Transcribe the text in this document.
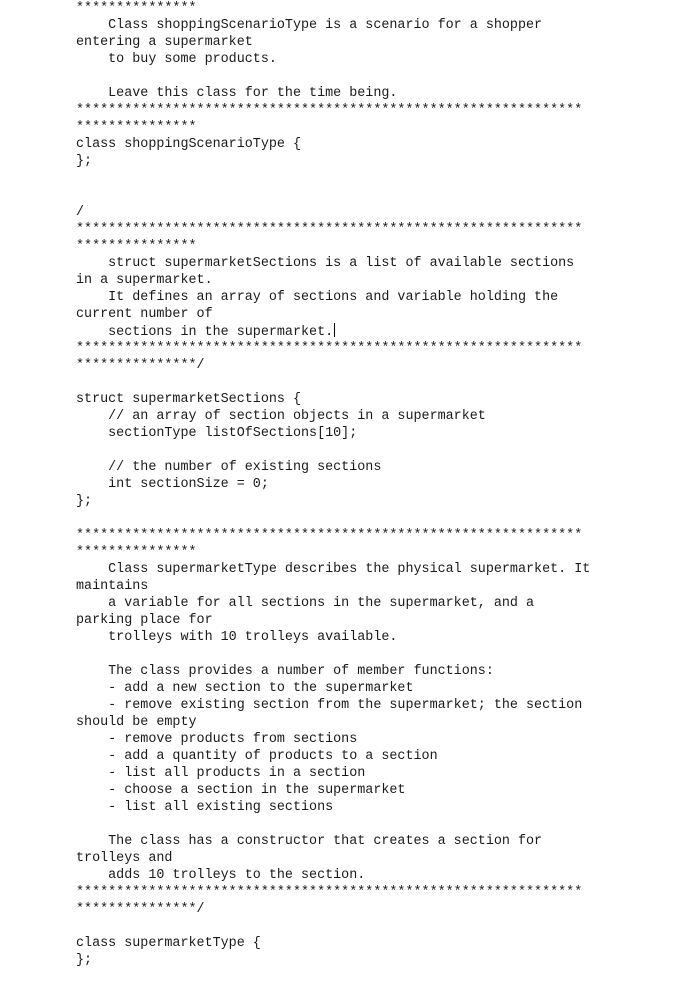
***************
Class shoppingScenarioType is a scenario for a shopper
entering a supermarket
to buy some products.
Leave this class for the time being.
***************************************************************
***************
class shoppingScenarioType {
};
/
***************************************************************
***************
struct supermarketSections is a list of available sections
in a supermarket.
It defines an array of sections and variable holding the
current number of
sections in the supermarket.
***************************************************************
***************/
struct supermarketSections {
// an array of section objects in a supermarket
sectionType listOfSections[10];
// the number of existing sections
int sectionSize = 0;
};
***************************************************************
***************
Class supermarketType describes the physical supermarket. It
maintains
a variable for all sections in the supermarket, and a
parking place for
trolleys with 10 trolleys available.
The class provides a number of member functions:
- add a new section to the supermarket
- remove existing section from the supermarket; the section
should be empty
- remove products from sections
- add a quantity of products to a section
- list all products in a section
- choose a section in the supermarket
- list all existing sections
The class has a constructor that creates a section for
trolleys and
adds 10 trolleys to the section.
***************************************************************
***************/
class supermarketType {
};
